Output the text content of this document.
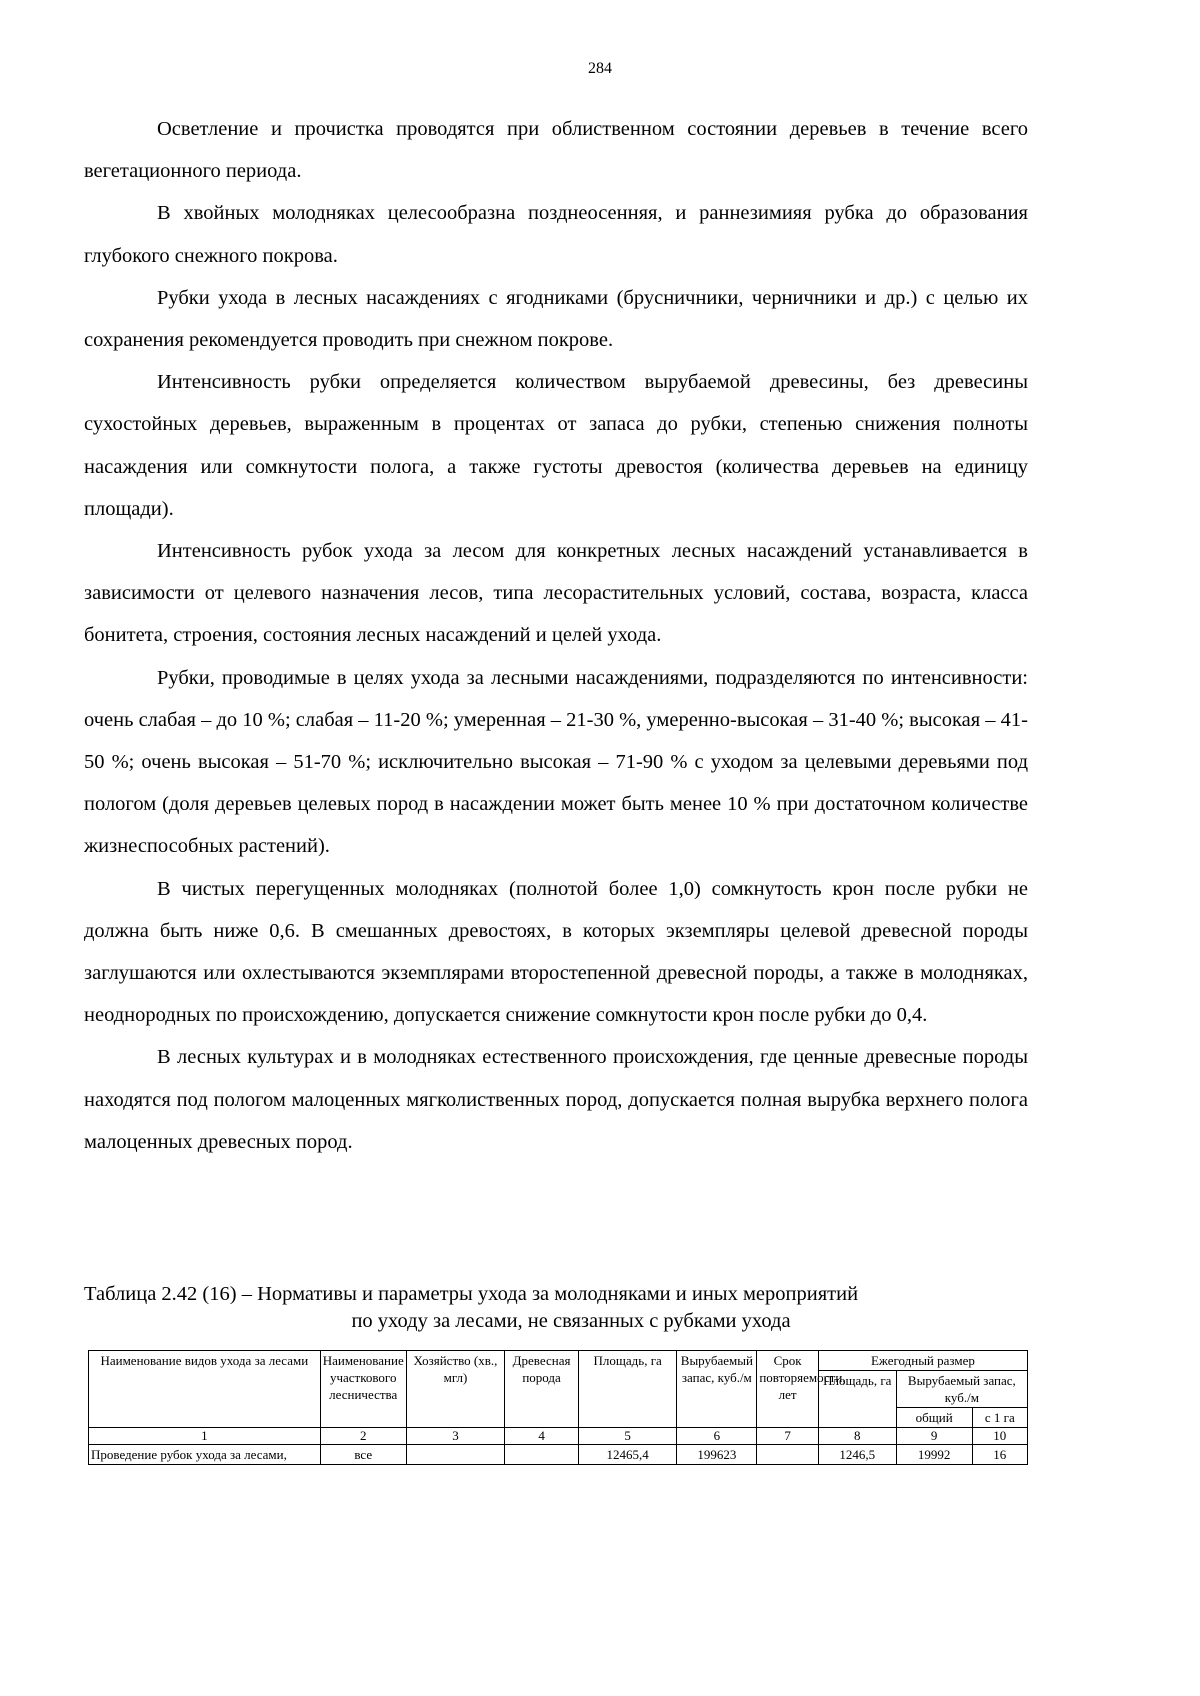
284

Осветление и прочистка проводятся при облиственном состоянии деревьев в течение всего вегетационного периода.

В хвойных молодняках целесообразна позднеосенняя, и раннезимияя рубка до образования глубокого снежного покрова.

Рубки ухода в лесных насаждениях с ягодниками (брусничники, черничники и др.) с целью их сохранения рекомендуется проводить при снежном покрове.

Интенсивность рубки определяется количеством вырубаемой древесины, без древесины сухостойных деревьев, выраженным в процентах от запаса до рубки, степенью снижения полноты насаждения или сомкнутости полога, а также густоты древостоя (количества деревьев на единицу площади).

Интенсивность рубок ухода за лесом для конкретных лесных насаждений устанавливается в зависимости от целевого назначения лесов, типа лесорастительных условий, состава, возраста, класса бонитета, строения, состояния лесных насаждений и целей ухода.

Рубки, проводимые в целях ухода за лесными насаждениями, подразделяются по интенсивности: очень слабая – до 10 %; слабая – 11-20 %; умеренная – 21-30 %, умеренно-высокая – 31-40 %; высокая – 41-50 %; очень высокая – 51-70 %; исключительно высокая – 71-90 % с уходом за целевыми деревьями под пологом (доля деревьев целевых пород в насаждении может быть менее 10 % при достаточном количестве жизнеспособных растений).

В чистых перегущенных молодняках (полнотой более 1,0) сомкнутость крон после рубки не должна быть ниже 0,6. В смешанных древостоях, в которых экземпляры целевой древесной породы заглушаются или охлестываются экземплярами второстепенной древесной породы, а также в молодняках, неоднородных по происхождению, допускается снижение сомкнутости крон после рубки до 0,4.

В лесных культурах и в молодняках естественного происхождения, где ценные древесные породы находятся под пологом малоценных мягколиственных пород, допускается полная вырубка верхнего полога малоценных древесных пород.

Таблица 2.42 (16) – Нормативы и параметры ухода за молодняками и иных мероприятий
по уходу за лесами, не связанных с рубками ухода
Наименование видов ухода за лесами	Наименование участкового лесничества	Хозяйство (хв., мгл)	Древесная порода	Площадь, га	Вырубаемый запас, куб./м	Срок повторяемости, лет	Ежегодный размер		
							Площадь, га	Вырубаемый запас, куб./м	
								общий	с 1 га
1	2	3	4	5	6	7	8	9	10
Проведение рубок ухода за лесами,	все			12465,4	199623		1246,5	19992	16
